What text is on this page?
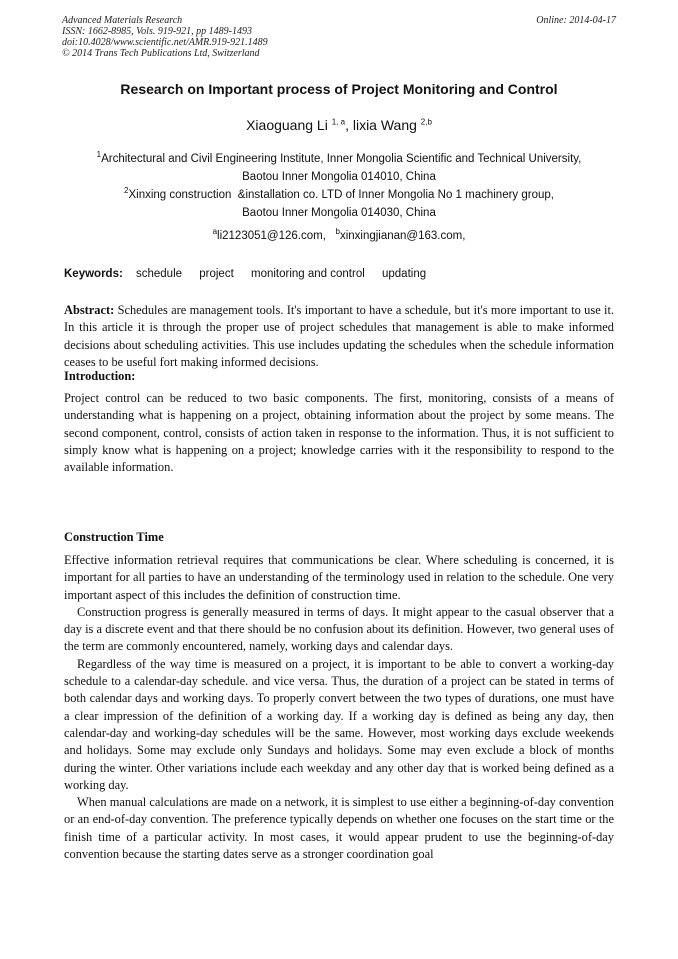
Advanced Materials Research
ISSN: 1662-8985, Vols. 919-921, pp 1489-1493
doi:10.4028/www.scientific.net/AMR.919-921.1489
© 2014 Trans Tech Publications Ltd, Switzerland
Online: 2014-04-17
Research on Important process of Project Monitoring and Control
Xiaoguang Li $^{1, a}$, lixia Wang $^{2,b}$
$^1$Architectural and Civil Engineering Institute, Inner Mongolia Scientific and Technical University,
Baotou Inner Mongolia 014010, China
$^2$Xinxing construction  &installation co. LTD of Inner Mongolia No 1 machinery group,
Baotou Inner Mongolia 014030, China
$^a$li2123051@126.com, $^b$xinxingjianan@163.com,
Keywords: schedule project monitoring and control updating

Abstract: Schedules are management tools. It's important to have a schedule, but it's more important to use it. In this article it is through the proper use of project schedules that management is able to make informed decisions about scheduling activities. This use includes updating the schedules when the schedule information ceases to be useful fort making informed decisions.

Introduction:

Project control can be reduced to two basic components. The first, monitoring, consists of a means of understanding what is happening on a project, obtaining information about the project by some means. The second component, control, consists of action taken in response to the information. Thus, it is not sufficient to simply know what is happening on a project; knowledge carries with it the responsibility to respond to the available information.

Construction Time

Effective information retrieval requires that communications be clear. Where scheduling is concerned, it is important for all parties to have an understanding of the terminology used in relation to the schedule. One very important aspect of this includes the definition of construction time.

Construction progress is generally measured in terms of days. It might appear to the casual observer that a day is a discrete event and that there should be no confusion about its definition. However, two general uses of the term are commonly encountered, namely, working days and calendar days.

Regardless of the way time is measured on a project, it is important to be able to convert a working-day schedule to a calendar-day schedule. and vice versa. Thus, the duration of a project can be stated in terms of both calendar days and working days. To properly convert between the two types of durations, one must have a clear impression of the definition of a working day. If a working day is defined as being any day, then calendar-day and working-day schedules will be the same. However, most working days exclude weekends and holidays. Some may exclude only Sundays and holidays. Some may even exclude a block of months during the winter. Other variations include each weekday and any other day that is worked being defined as a working day.

When manual calculations are made on a network, it is simplest to use either a beginning-of-day convention or an end-of-day convention. The preference typically depends on whether one focuses on the start time or the finish time of a particular activity. In most cases, it would appear prudent to use the beginning-of-day convention because the starting dates serve as a stronger coordination goal
